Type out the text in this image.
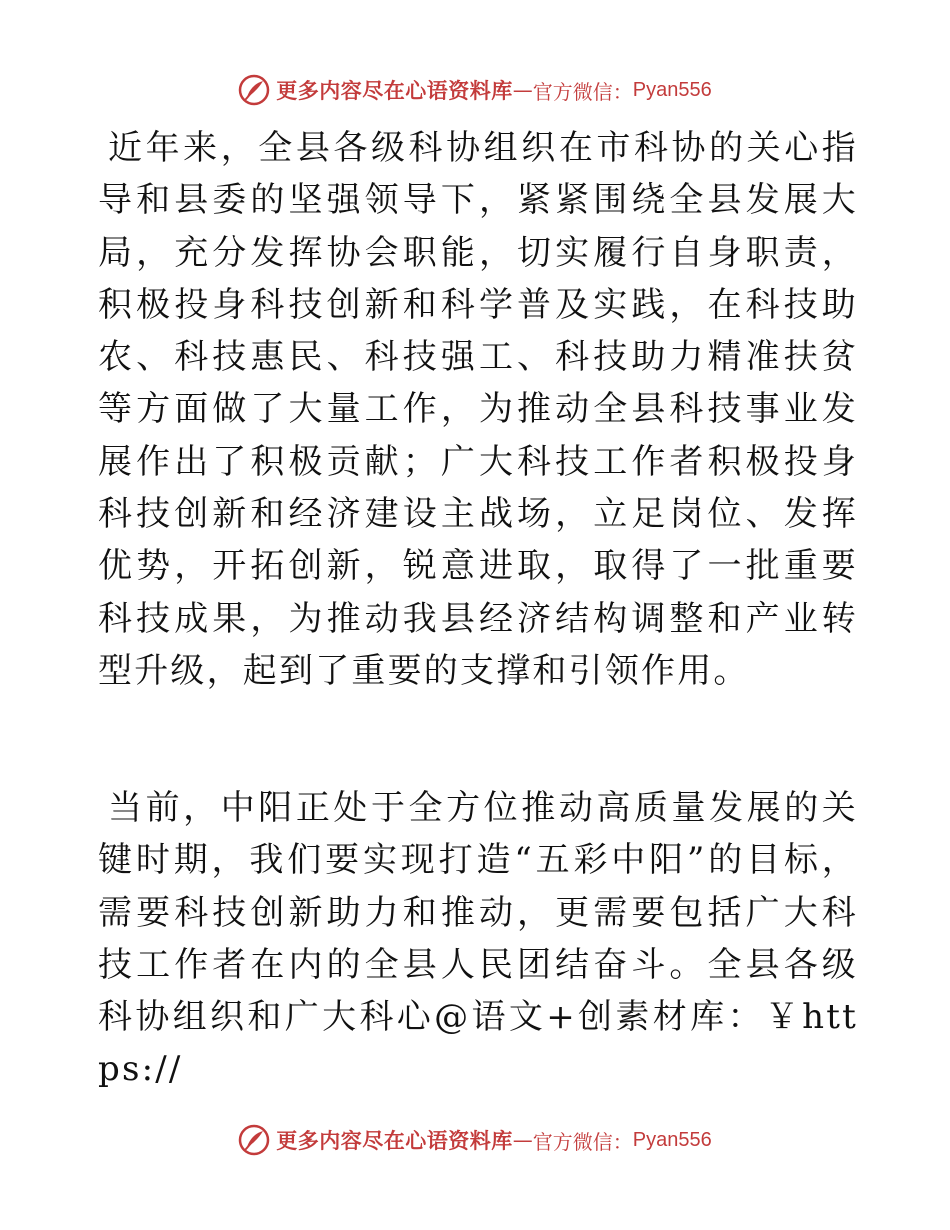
更多内容尽在心语资料库 — 官方微信： Pyan556

近年来，全县各级科协组织在市科协的关心指导和县委的坚强领导下，紧紧围绕全县发展大局，充分发挥协会职能，切实履行自身职责，积极投身科技创新和科学普及实践，在科技助农、科技惠民、科技强工、科技助力精准扶贫等方面做了大量工作，为推动全县科技事业发展作出了积极贡献；广大科技工作者积极投身科技创新和经济建设主战场，立足岗位、发挥优势，开拓创新，锐意进取，取得了一批重要科技成果，为推动我县经济结构调整和产业转型升级，起到了重要的支撑和引领作用。

当前，中阳正处于全方位推动高质量发展的关键时期，我们要实现打造“五彩中阳”的目标，需要科技创新助力和推动，更需要包括广大科技工作者在内的全县人民团结奋斗。全县各级科协组织和广大科心@语文+创素材库：￥https://

更多内容尽在心语资料库 — 官方微信： Pyan556
